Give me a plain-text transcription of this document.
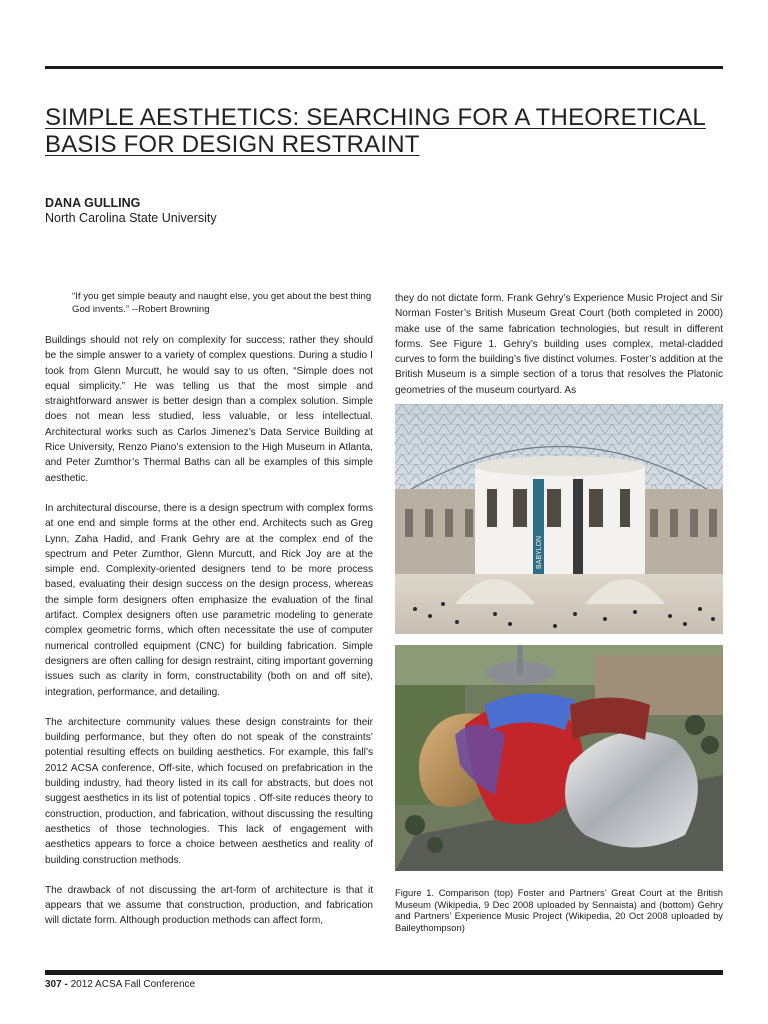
SIMPLE AESTHETICS: SEARCHING FOR A THEORETICAL
BASIS FOR DESIGN RESTRAINT
DANA GULLING
North Carolina State University
“If you get simple beauty and naught else, you get about the best thing
God invents.” --Robert Browning

Buildings should not rely on complexity for success; rather they should be the simple answer to a variety of complex questions. During a studio I took from Glenn Murcutt, he would say to us often, “Simple does not equal simplicity.” He was telling us that the most simple and straightforward answer is better design than a complex solution. Simple does not mean less studied, less valuable, or less intellectual. Architectural works such as Carlos Jimenez’s Data Service Building at Rice University, Renzo Piano’s extension to the High Museum in Atlanta, and Peter Zumthor’s Thermal Baths can all be examples of this simple aesthetic.

In architectural discourse, there is a design spectrum with complex forms at one end and simple forms at the other end. Architects such as Greg Lynn, Zaha Hadid, and Frank Gehry are at the complex end of the spectrum and Peter Zumthor, Glenn Murcutt, and Rick Joy are at the simple end. Complexity-oriented designers tend to be more process based, evaluating their design success on the design process, whereas the simple form designers often emphasize the evaluation of the final artifact. Complex designers often use parametric modeling to generate complex geometric forms, which often necessitate the use of computer numerical controlled equipment (CNC) for building fabrication. Simple designers are often calling for design restraint, citing important governing issues such as clarity in form, constructability (both on and off site), integration, performance, and detailing.

The architecture community values these design constraints for their building performance, but they often do not speak of the constraints’ potential resulting effects on building aesthetics. For example, this fall’s 2012 ACSA conference, Off-site, which focused on prefabrication in the building industry, had theory listed in its call for abstracts, but does not suggest aesthetics in its list of potential topics . Off-site reduces theory to construction, production, and fabrication, without discussing the resulting aesthetics of those technologies. This lack of engagement with aesthetics appears to force a choice between aesthetics and reality of building construction methods.

The drawback of not discussing the art-form of architecture is that it appears that we assume that construction, production, and fabrication will dictate form. Although production methods can affect form,

they do not dictate form. Frank Gehry’s Experience Music Project and Sir Norman Foster’s British Museum Great Court (both completed in 2000) make use of the same fabrication technologies, but result in different forms. See Figure 1. Gehry’s building uses complex, metal-cladded curves to form the building’s five distinct volumes. Foster’s addition at the British Museum is a simple section of a torus that resolves the Platonic geometries of the museum courtyard. As

BABYLON
Figure 1. Comparison (top) Foster and Partners’ Great Court at the British Museum (Wikipedia, 9 Dec 2008 uploaded by Sennaista) and (bottom) Gehry and Partners’ Experience Music Project (Wikipedia, 20 Oct 2008 uploaded by Baileythompson)
307 - 2012 ACSA Fall Conference
